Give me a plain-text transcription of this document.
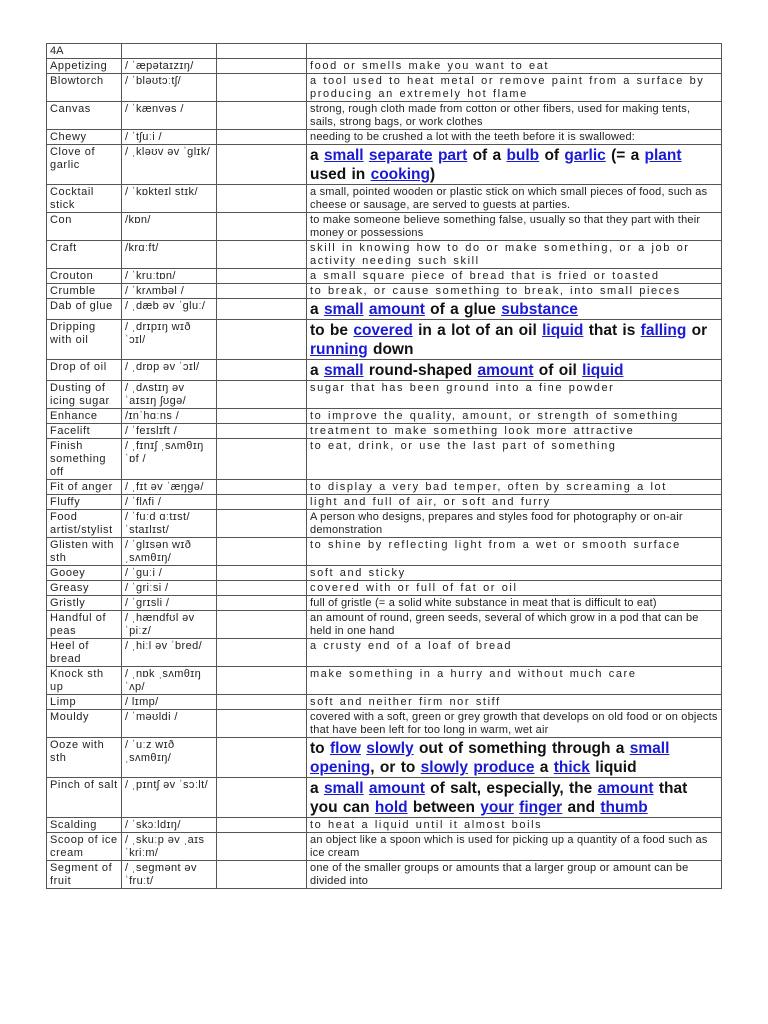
4A			
Appetizing	/ ˈæpətaɪzɪŋ/		food or smells make you want to eat
Blowtorch	/ ˈbləʊtɔːtʃ/		a tool used to heat metal or remove paint from a surface by producing an extremely hot flame
Canvas	/ ˈkænvəs /		strong, rough cloth made from cotton or other fibers, used for making tents, sails, strong bags, or work clothes
Chewy	/ ˈtʃuːi /		needing to be crushed a lot with the teeth before it is swallowed:
Clove of garlic	/ ˌkləʊv əv ˈɡlɪk/		a small separate part of a bulb of garlic (= a plant used in cooking)
Cocktail stick	/ ˈkɒkteɪl stɪk/		a small, pointed wooden or plastic stick on which small pieces of food, such as cheese or sausage, are served to guests at parties.
Con	/kɒn/		to make someone believe something false, usually so that they part with their money or possessions
Craft	/krɑːft/		skill in knowing how to do or make something, or a job or activity needing such skill
Crouton	/ ˈkruːtɒn/		a small square piece of bread that is fried or toasted
Crumble	/ ˈkrʌmbəl /		to break, or cause something to break, into small pieces
Dab of glue	/ ˌdæb əv ˈɡluː/		a small amount of a glue substance
Dripping with oil	/ ˌdrɪpɪŋ wɪð ˈɔɪl/		to be covered in a lot of an oil liquid that is falling or running down
Drop of oil	/ ˌdrɒp əv ˈɔɪl/		a small round-shaped amount of oil liquid
Dusting of icing sugar	/ ˌdʌstɪŋ əv ˈaɪsɪŋ ʃʊɡə/		sugar that has been ground into a fine powder
Enhance	/ɪnˈhɑːns /		to improve the quality, amount, or strength of something
Facelift	/ ˈfeɪslɪft /		treatment to make something look more attractive
Finish something off	/ ˌfɪnɪʃ ˌsʌmθɪŋ ˈɒf /		to eat, drink, or use the last part of something
Fit of anger	/ ˌfɪt əv ˈæŋɡə/		to display a very bad temper, often by screaming a lot
Fluffy	/ ˈflʌfi /		light and full of air, or soft and furry
Food artist/stylist	/ ˈfuːd ɑːtɪst/ˈstaɪlɪst/		A person who designs, prepares and styles food for photography or on-air demonstration
Glisten with sth	/ ˈɡlɪsən wɪð ˌsʌmθɪŋ/		to shine by reflecting light from a wet or smooth surface
Gooey	/ ˈɡuːi /		soft and sticky
Greasy	/ ˈɡriːsi /		covered with or full of fat or oil
Gristly	/ ˈɡrɪsli /		full of gristle (= a solid white substance in meat that is difficult to eat)
Handful of peas	/ ˌhændfʊl əv ˈpiːz/		an amount of round, green seeds, several of which grow in a pod that can be held in one hand
Heel of bread	/ ˌhiːl əv ˈbred/		a crusty end of a loaf of bread
Knock sth up	/ ˌnɒk ˌsʌmθɪŋ ˈʌp/		make something in a hurry and without much care
Limp	/ lɪmp/		soft and neither firm nor stiff
Mouldy	/ ˈməʊldi /		covered with a soft, green or grey growth that develops on old food or on objects that have been left for too long in warm, wet air
Ooze with sth	/ ˈuːz wɪð ˌsʌmθɪŋ/		to flow slowly out of something through a small opening, or to slowly produce a thick liquid
Pinch of salt	/ ˌpɪntʃ əv ˈsɔːlt/		a small amount of salt, especially, the amount that you can hold between your finger and thumb
Scalding	/ ˈskɔːldɪŋ/		to heat a liquid until it almost boils
Scoop of ice cream	/ ˌskuːp əv ˌaɪs ˈkriːm/		an object like a spoon which is used for picking up a quantity of a food such as ice cream
Segment of fruit	/ ˌseɡmənt əv ˈfruːt/		one of the smaller groups or amounts that a larger group or amount can be divided into
